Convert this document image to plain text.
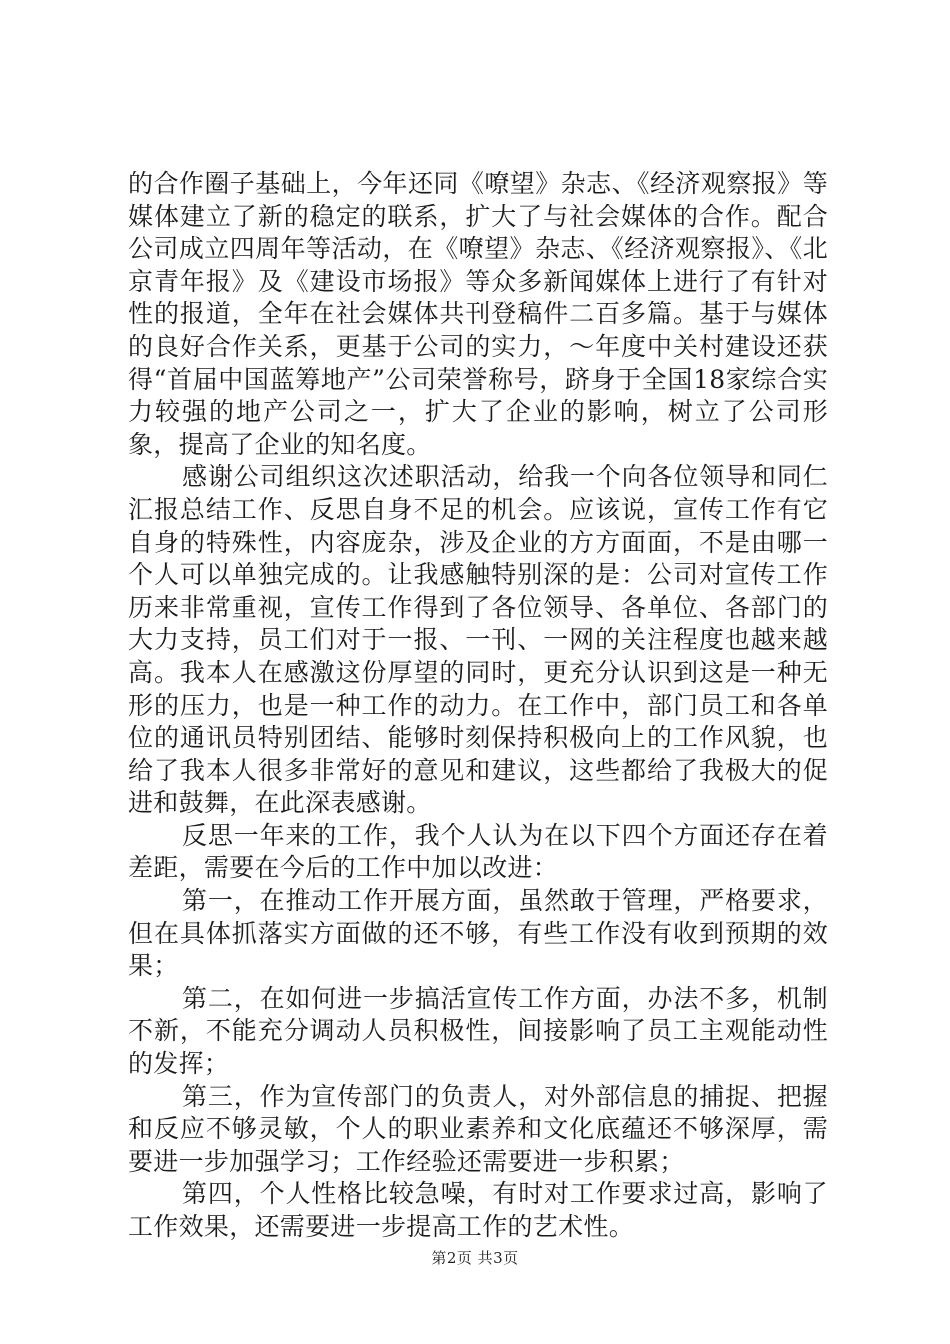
的合作圈子基础上，今年还同《嘹望》杂志、《经济观察报》等媒体建立了新的稳定的联系，扩大了与社会媒体的合作。配合公司成立四周年等活动，在《嘹望》杂志、《经济观察报》、《北京青年报》及《建设市场报》等众多新闻媒体上进行了有针对性的报道，全年在社会媒体共刊登稿件二百多篇。基于与媒体的良好合作关系，更基于公司的实力，～年度中关村建设还获得“首届中国蓝筹地产”公司荣誉称号，跻身于全国18家综合实力较强的地产公司之一，扩大了企业的影响，树立了公司形象，提高了企业的知名度。

感谢公司组织这次述职活动，给我一个向各位领导和同仁汇报总结工作、反思自身不足的机会。应该说，宣传工作有它自身的特殊性，内容庞杂，涉及企业的方方面面，不是由哪一个人可以单独完成的。让我感触特别深的是：公司对宣传工作历来非常重视，宣传工作得到了各位领导、各单位、各部门的大力支持，员工们对于一报、一刊、一网的关注程度也越来越高。我本人在感激这份厚望的同时，更充分认识到这是一种无形的压力，也是一种工作的动力。在工作中，部门员工和各单位的通讯员特别团结、能够时刻保持积极向上的工作风貌，也给了我本人很多非常好的意见和建议，这些都给了我极大的促进和鼓舞，在此深表感谢。

反思一年来的工作，我个人认为在以下四个方面还存在着差距，需要在今后的工作中加以改进：

第一，在推动工作开展方面，虽然敢于管理，严格要求，但在具体抓落实方面做的还不够，有些工作没有收到预期的效果；

第二，在如何进一步搞活宣传工作方面，办法不多，机制不新，不能充分调动人员积极性，间接影响了员工主观能动性的发挥；

第三，作为宣传部门的负责人，对外部信息的捕捉、把握和反应不够灵敏，个人的职业素养和文化底蕴还不够深厚，需要进一步加强学习；工作经验还需要进一步积累；

第四，个人性格比较急噪，有时对工作要求过高，影响了工作效果，还需要进一步提高工作的艺术性。

第2页 共3页
